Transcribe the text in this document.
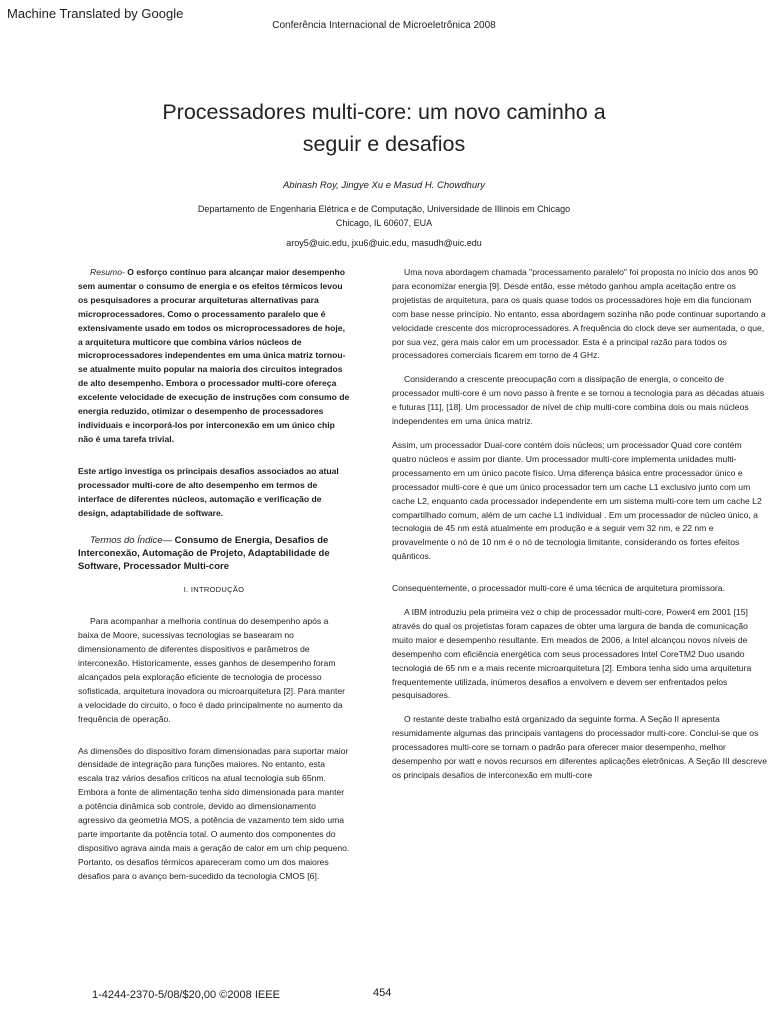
Machine Translated by Google
Conferência Internacional de Microeletrônica 2008
Processadores multi-core: um novo caminho a
seguir e desafios
Abinash Roy, Jingye Xu e Masud H. Chowdhury
Departamento de Engenharia Elétrica e de Computação, Universidade de Illinois em Chicago
Chicago, IL 60607, EUA
aroy5@uic.edu, jxu6@uic.edu, masudh@uic.edu

Resumo- O esforço contínuo para alcançar maior desempenho sem aumentar o consumo de energia e os efeitos térmicos levou os pesquisadores a procurar arquiteturas alternativas para microprocessadores. Como o processamento paralelo que é extensivamente usado em todos os microprocessadores de hoje, a arquitetura multicore que combina vários núcleos de microprocessadores independentes em uma única matriz tornou-se atualmente muito popular na maioria dos circuitos integrados de alto desempenho. Embora o processador multi-core ofereça excelente velocidade de execução de instruções com consumo de energia reduzido, otimizar o desempenho de processadores individuais e incorporá-los por interconexão em um único chip não é uma tarefa trivial.

Este artigo investiga os principais desafios associados ao atual processador multi-core de alto desempenho em termos de interface de diferentes núcleos, automação e verificação de design, adaptabilidade de software.

Termos do Índice— Consumo de Energia, Desafios de Interconexão, Automação de Projeto, Adaptabilidade de Software, Processador Multi-core

I. INTRODUÇÃO

Para acompanhar a melhoria contínua do desempenho após a baixa de Moore, sucessivas tecnologias se basearam no dimensionamento de diferentes dispositivos e parâmetros de interconexão. Historicamente, esses ganhos de desempenho foram alcançados pela exploração eficiente de tecnologia de processo sofisticada, arquitetura inovadora ou microarquitetura [2]. Para manter a velocidade do circuito, o foco é dado principalmente no aumento da frequência de operação.

As dimensões do dispositivo foram dimensionadas para suportar maior densidade de integração para funções maiores. No entanto, esta escala traz vários desafios críticos na atual tecnologia sub 65nm. Embora a fonte de alimentação tenha sido dimensionada para manter a potência dinâmica sob controle, devido ao dimensionamento agressivo da geometria MOS, a potência de vazamento tem sido uma parte importante da potência total. O aumento dos componentes do dispositivo agrava ainda mais a geração de calor em um chip pequeno. Portanto, os desafios térmicos apareceram como um dos maiores desafios para o avanço bem-sucedido da tecnologia CMOS [6].

Uma nova abordagem chamada "processamento paralelo" foi proposta no início dos anos 90 para economizar energia [9]. Desde então, esse método ganhou ampla aceitação entre os projetistas de arquitetura, para os quais quase todos os processadores hoje em dia funcionam com base nesse princípio. No entanto, essa abordagem sozinha não pode continuar suportando a velocidade crescente dos microprocessadores. A frequência do clock deve ser aumentada, o que, por sua vez, gera mais calor em um processador. Esta é a principal razão para todos os processadores comerciais ficarem em torno de 4 GHz.

Considerando a crescente preocupação com a dissipação de energia, o conceito de processador multi-core é um novo passo à frente e se tornou a tecnologia para as décadas atuais e futuras [11], [18]. Um processador de nível de chip multi-core combina dois ou mais núcleos independentes em uma única matriz.

Assim, um processador Dual-core contém dois núcleos; um processador Quad core contém quatro núcleos e assim por diante. Um processador multi-core implementa unidades multi-processamento em um único pacote físico. Uma diferença básica entre processador único e processador multi-core é que um único processador tem um cache L1 exclusivo junto com um cache L2, enquanto cada processador independente em um sistema multi-core tem um cache L2 compartilhado comum, além de um cache L1 individual . Em um processador de núcleo único, a tecnologia de 45 nm está atualmente em produção e a seguir vem 32 nm, e 22 nm e provavelmente o nó de 10 nm é o nó de tecnologia limitante, considerando os fortes efeitos quânticos.

Consequentemente, o processador multi-core é uma técnica de arquitetura promissora.

A IBM introduziu pela primeira vez o chip de processador multi-core, Power4 em 2001 [15] através do qual os projetistas foram capazes de obter uma largura de banda de comunicação muito maior e desempenho resultante. Em meados de 2006, a Intel alcançou novos níveis de desempenho com eficiência energética com seus processadores Intel CoreTM2 Duo usando tecnologia de 65 nm e a mais recente microarquitetura [2]. Embora tenha sido uma arquitetura frequentemente utilizada, inúmeros desafios a envolvem e devem ser enfrentados pelos pesquisadores.

O restante deste trabalho está organizado da seguinte forma. A Seção II apresenta resumidamente algumas das principais vantagens do processador multi-core. Conclui-se que os processadores multi-core se tornam o padrão para oferecer maior desempenho, melhor desempenho por watt e novos recursos em diferentes aplicações eletrônicas. A Seção III descreve os principais desafios de interconexão em multi-core

1-4244-2370-5/08/$20,00 ©2008 IEEE	454
